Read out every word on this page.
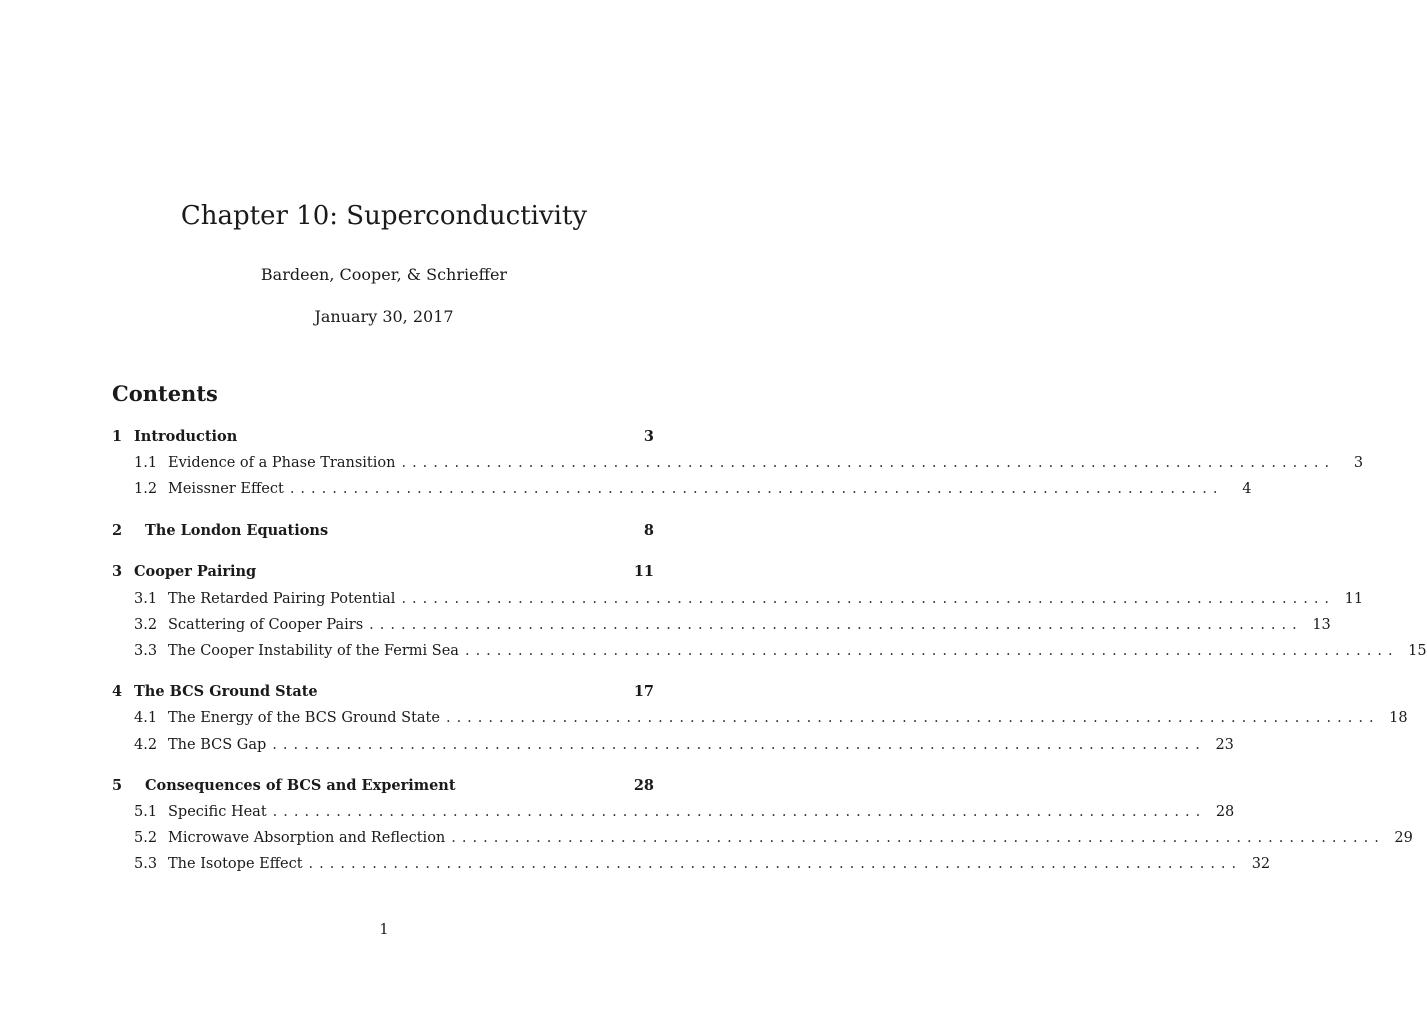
Chapter 10: Superconductivity
Bardeen, Cooper, & Schrieffer
January 30, 2017
Contents
1 Introduction	3
1.1 Evidence of a Phase Transition ........................................................................................	3
1.2 Meissner Effect ........................................................................................	4
2	The London Equations	8
3 Cooper Pairing	11
3.1 The Retarded Pairing Potential ........................................................................................ 11
3.2 Scattering of Cooper Pairs ........................................................................................ 13
3.3 The Cooper Instability of the Fermi Sea ........................................................................................ 15
4 The BCS Ground State	17
4.1 The Energy of the BCS Ground State ........................................................................................ 18
4.2 The BCS Gap ........................................................................................ 23
5	Consequences of BCS and Experiment	28
5.1 Specific Heat ........................................................................................ 28
5.2 Microwave Absorption and Reflection ........................................................................................ 29
5.3 The Isotope Effect ........................................................................................ 32
1
